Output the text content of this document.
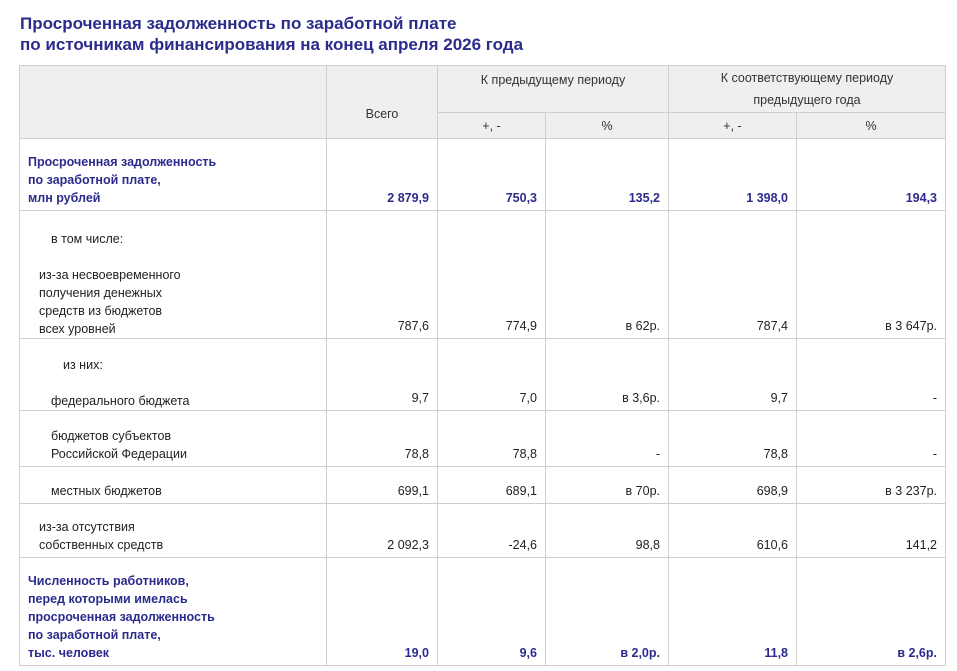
Просроченная задолженность по заработной плате
по источникам финансирования на конец апреля 2026 года
	Всего	К предыдущему периоду		К соответствующему периоду
предыдущего года	

		+, -	%	+, -	%

Просроченная задолженность
по заработной плате,
млн рублей	2 879,9	750,3	135,2	1 398,0	194,3

в том числе:
из-за несвоевременного
получения денежных
средств из бюджетов
всех уровней	787,6	774,9	в 62р.	787,4	в 3 647р.

из них:
федерального бюджета	9,7	7,0	в 3,6р.	9,7	-

бюджетов субъектов
Российской Федерации	78,8	78,8	-	78,8	-

местных бюджетов	699,1	689,1	в 70р.	698,9	в 3 237р.

из-за отсутствия
собственных средств	2 092,3	-24,6	98,8	610,6	141,2

Численность работников,
перед которыми имелась
просроченная задолженность
по заработной плате,
тыс. человек	19,0	9,6	в 2,0р.	11,8	в 2,6р.
